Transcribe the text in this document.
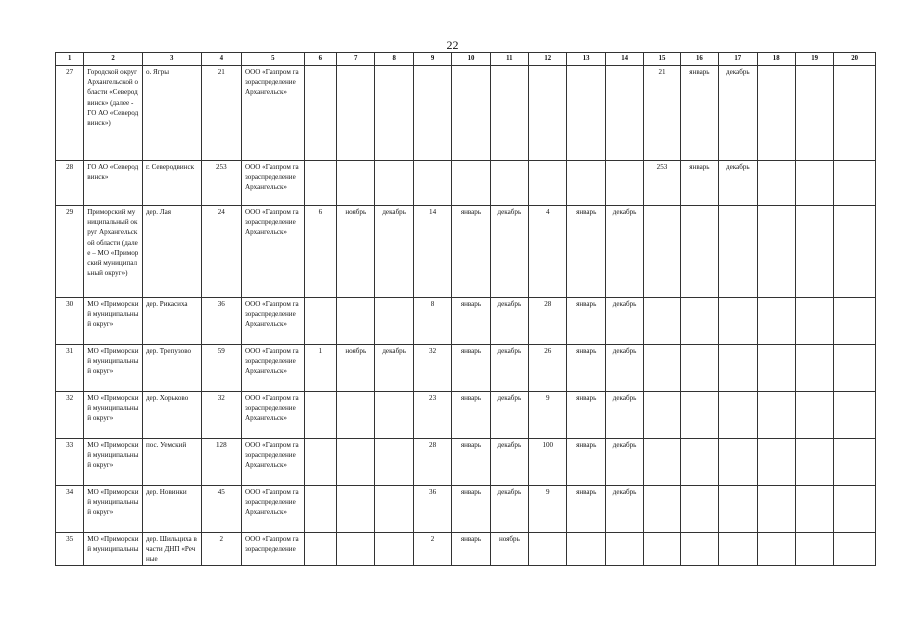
22
1	2	3	4	5	6	7	8	9	10	11	12	13	14	15	16	17	18	19	20
27	Городской округ Архангельской области «Северодвинск» (далее - ГО АО «Северодвинск»)	о. Ягры	21	ООО «Газпром газораспределение Архангельск»										21	январь	декабрь			
28	ГО АО «Северодвинск»	г. Северодвинск	253	ООО «Газпром газораспределение Архангельск»										253	январь	декабрь			
29	Приморский муниципальный округ Архангельской области (далее – МО «Приморский муниципальный округ»)	дер. Лая	24	ООО «Газпром газораспределение Архангельск»	6	ноябрь	декабрь	14	январь	декабрь	4	январь	декабрь						
30	МО «Приморский муниципальный округ»	дер. Рикасиха	36	ООО «Газпром газораспределение Архангельск»				8	январь	декабрь	28	январь	декабрь						
31	МО «Приморский муниципальный округ»	дер. Трепузово	59	ООО «Газпром газораспределение Архангельск»	1	ноябрь	декабрь	32	январь	декабрь	26	январь	декабрь						
32	МО «Приморский муниципальный округ»	дер. Хорьково	32	ООО «Газпром газораспределение Архангельск»				23	январь	декабрь	9	январь	декабрь						
33	МО «Приморский муниципальный округ»	пос. Уемский	128	ООО «Газпром газораспределение Архангельск»				28	январь	декабрь	100	январь	декабрь						
34	МО «Приморский муниципальный округ»	дер. Новинки	45	ООО «Газпром газораспределение Архангельск»				36	январь	декабрь	9	январь	декабрь						
35	МО «Приморский муниципальны	дер. Шильциха в части ДНП «Речные	2	ООО «Газпром газораспределение				2	январь	ноябрь									
